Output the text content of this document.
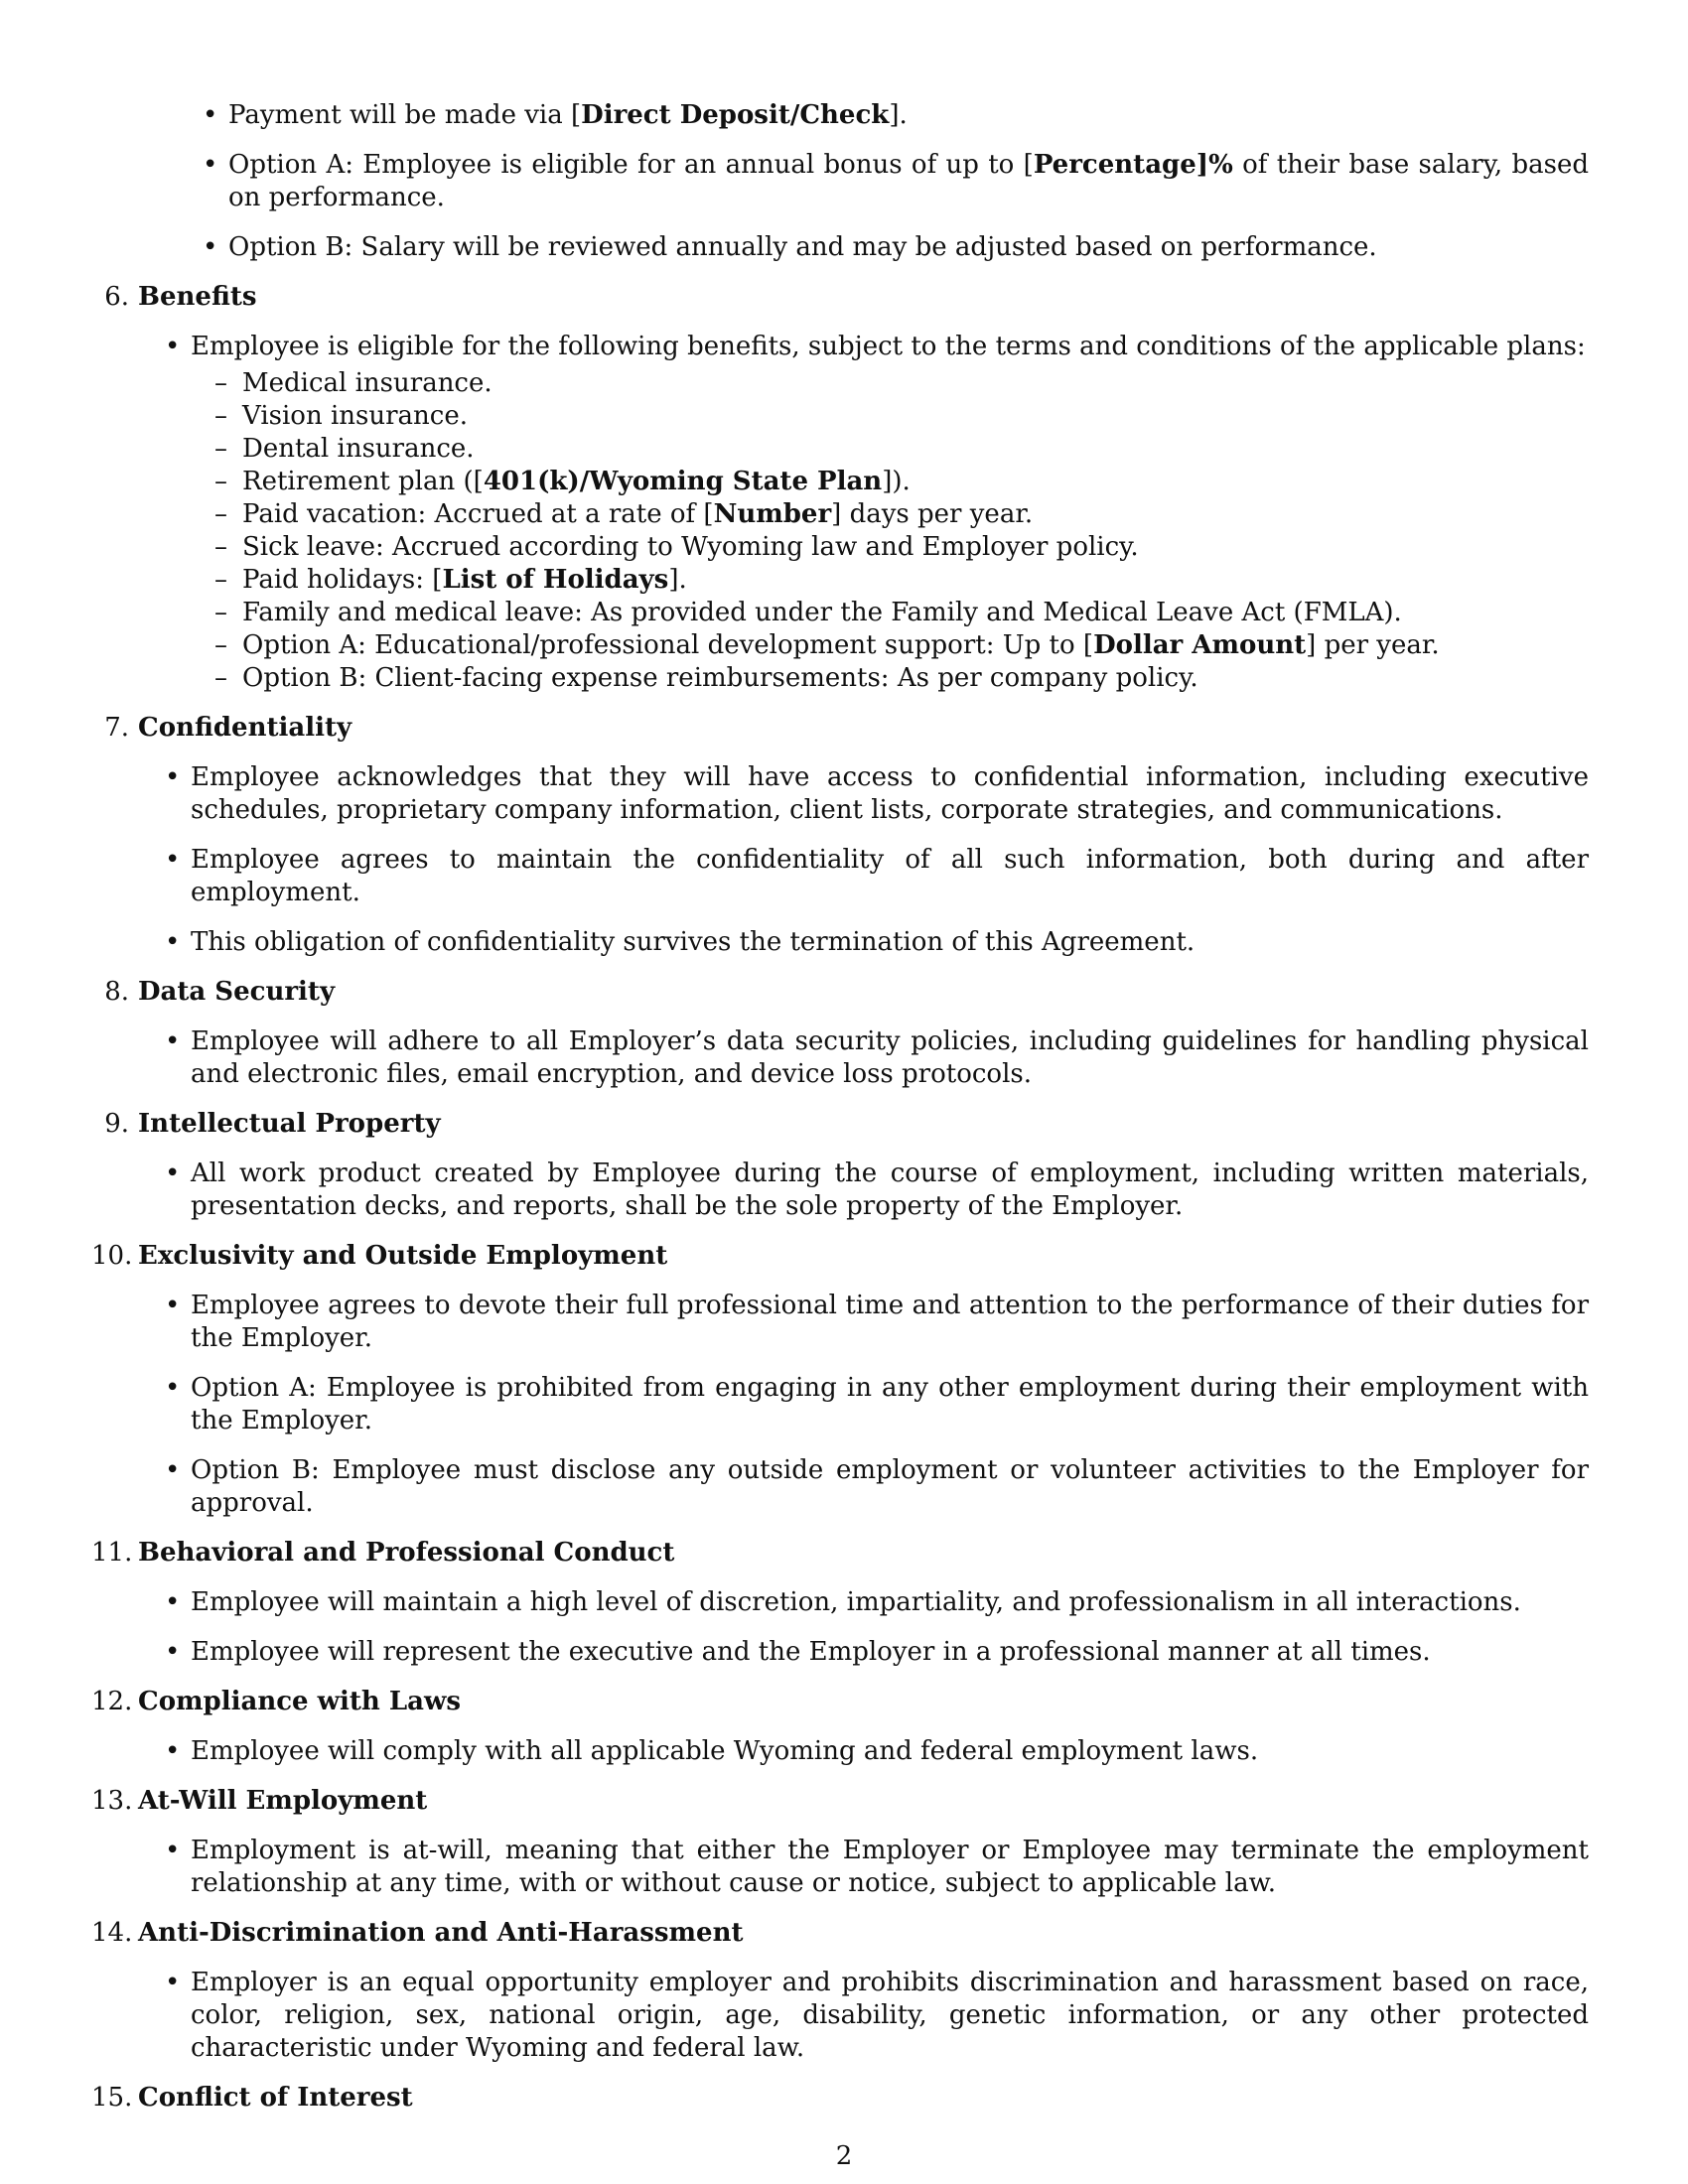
• Payment will be made via [Direct Deposit/Check].
• Option A: Employee is eligible for an annual bonus of up to [Percentage]% of their base salary, based on performance.
• Option B: Salary will be reviewed annually and may be adjusted based on performance.
6. Benefits
• Employee is eligible for the following benefits, subject to the terms and conditions of the applicable plans:
– Medical insurance.
– Vision insurance.
– Dental insurance.
– Retirement plan ([401(k)/Wyoming State Plan]).
– Paid vacation: Accrued at a rate of [Number] days per year.
– Sick leave: Accrued according to Wyoming law and Employer policy.
– Paid holidays: [List of Holidays].
– Family and medical leave: As provided under the Family and Medical Leave Act (FMLA).
– Option A: Educational/professional development support: Up to [Dollar Amount] per year.
– Option B: Client-facing expense reimbursements: As per company policy.
7. Confidentiality
• Employee acknowledges that they will have access to confidential information, including executive schedules, proprietary company information, client lists, corporate strategies, and communications.
• Employee agrees to maintain the confidentiality of all such information, both during and after employment.
• This obligation of confidentiality survives the termination of this Agreement.
8. Data Security
• Employee will adhere to all Employer’s data security policies, including guidelines for handling physical and electronic files, email encryption, and device loss protocols.
9. Intellectual Property
• All work product created by Employee during the course of employment, including written materials, presentation decks, and reports, shall be the sole property of the Employer.
10. Exclusivity and Outside Employment
• Employee agrees to devote their full professional time and attention to the performance of their duties for the Employer.
• Option A: Employee is prohibited from engaging in any other employment during their employment with the Employer.
• Option B: Employee must disclose any outside employment or volunteer activities to the Employer for approval.
11. Behavioral and Professional Conduct
• Employee will maintain a high level of discretion, impartiality, and professionalism in all interactions.
• Employee will represent the executive and the Employer in a professional manner at all times.
12. Compliance with Laws
• Employee will comply with all applicable Wyoming and federal employment laws.
13. At-Will Employment
• Employment is at-will, meaning that either the Employer or Employee may terminate the employment relationship at any time, with or without cause or notice, subject to applicable law.
14. Anti-Discrimination and Anti-Harassment
• Employer is an equal opportunity employer and prohibits discrimination and harassment based on race, color, religion, sex, national origin, age, disability, genetic information, or any other protected characteristic under Wyoming and federal law.
15. Conflict of Interest
2
